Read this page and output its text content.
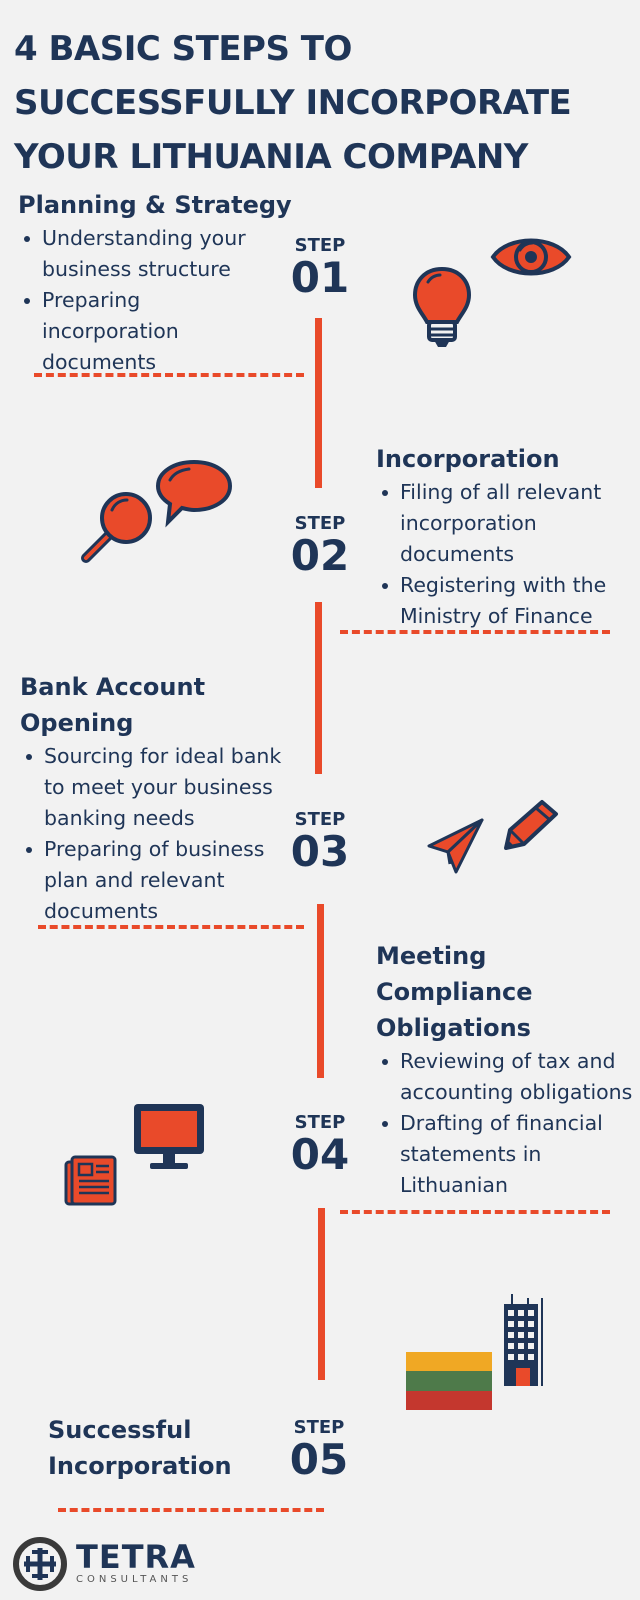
4 BASIC STEPS TO
SUCCESSFULLY INCORPORATE
YOUR LITHUANIA COMPANY
Planning & Strategy
Understanding your
business structure
Preparing
incorporation
documents
STEP
01
Incorporation
Filing of all relevant
incorporation
documents
Registering with the
Ministry of Finance
STEP
02
Bank Account
Opening
Sourcing for ideal bank
to meet your business
banking needs
Preparing of business
plan and relevant
documents
STEP
03
Meeting
Compliance
Obligations
Reviewing of tax and
accounting obligations
Drafting of financial
statements in
Lithuanian
STEP
04
Successful
Incorporation
STEP
05
TETRA
CONSULTANTS
